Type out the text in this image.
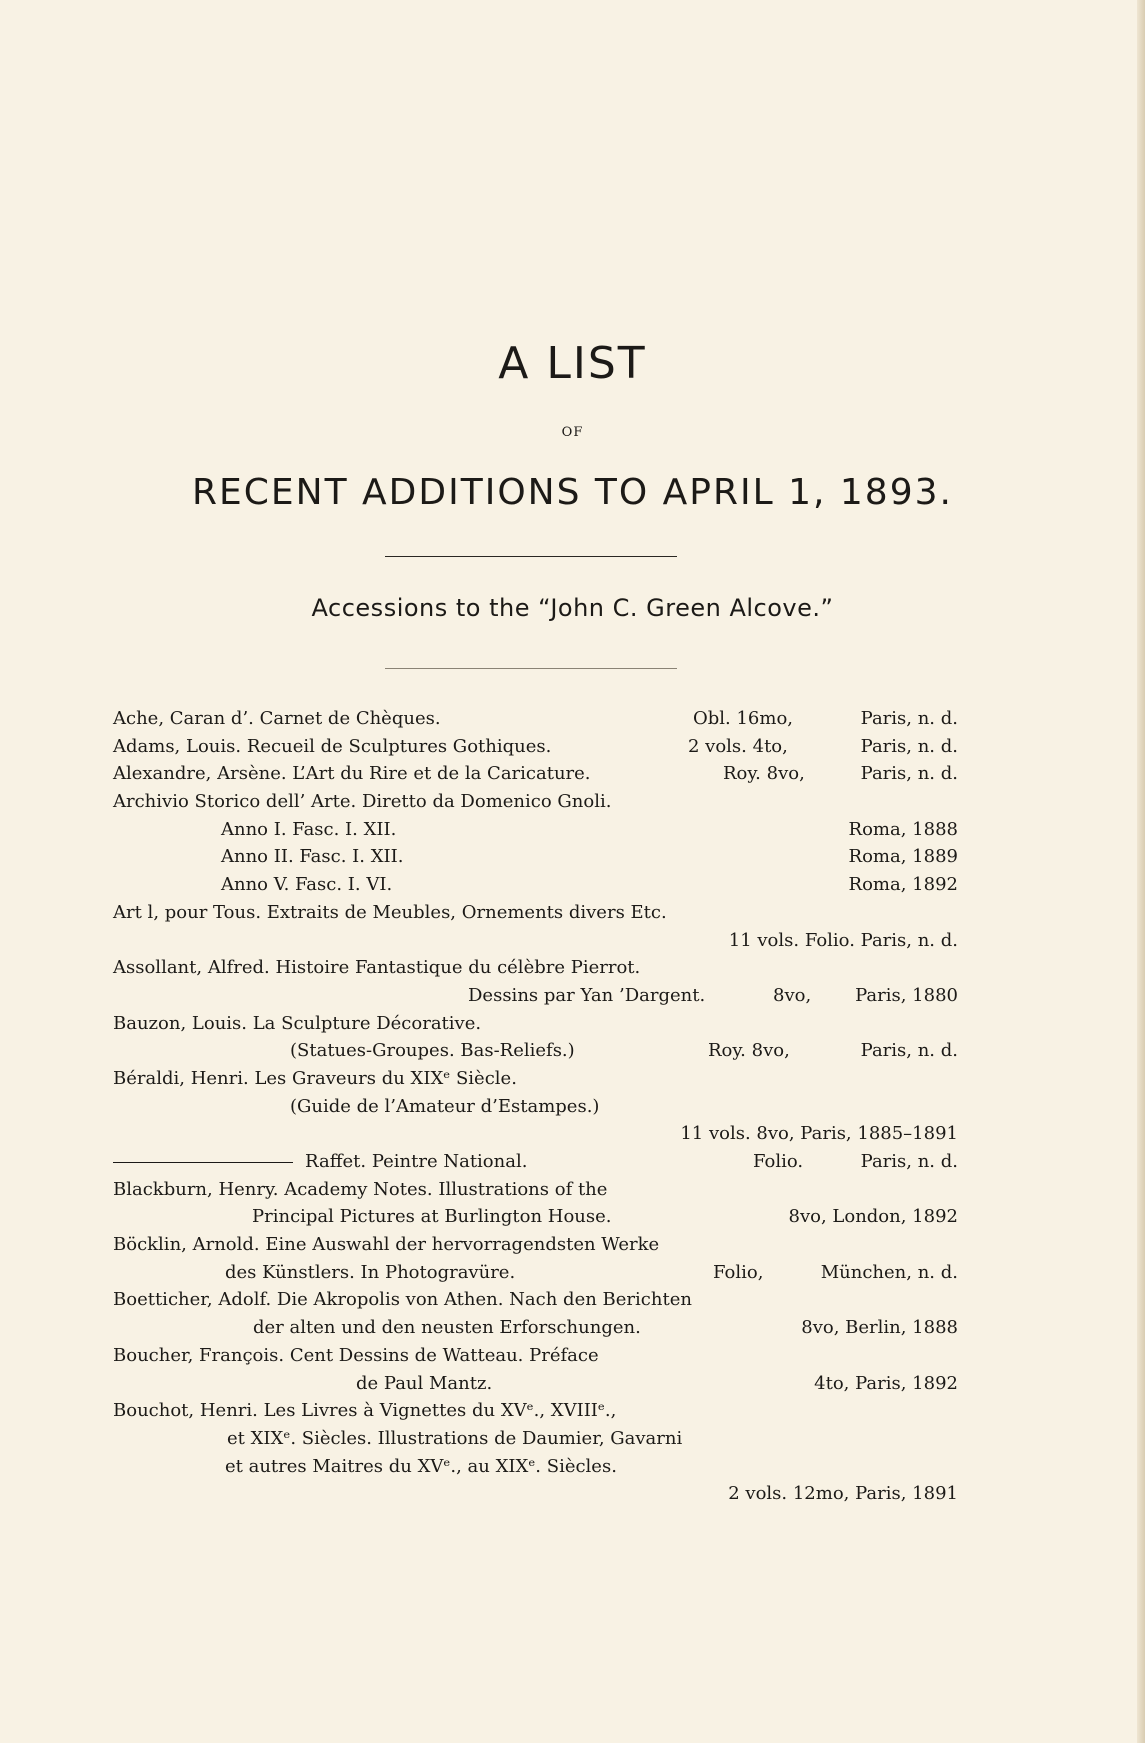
A LIST
OF
RECENT ADDITIONS TO APRIL 1, 1893.
Accessions to the “John C. Green Alcove.”
Ache, Caran d’. Carnet de Chèques.	Obl. 16mo,	Paris, n. d.
Adams, Louis. Recueil de Sculptures Gothiques.	2 vols. 4to,	Paris, n. d.
Alexandre, Arsène. L’Art du Rire et de la Caricature.	Roy. 8vo,	Paris, n. d.
Archivio Storico dell’ Arte. Diretto da Domenico Gnoli.
Anno I. Fasc. I. XII.	Roma, 1888
Anno II. Fasc. I. XII.	Roma, 1889
Anno V. Fasc. I. VI.	Roma, 1892
Art l, pour Tous. Extraits de Meubles, Ornements divers Etc.
11 vols. Folio. Paris, n. d.
Assollant, Alfred. Histoire Fantastique du célèbre Pierrot.
Dessins par Yan ’Dargent.	8vo, Paris, 1880
Bauzon, Louis. La Sculpture Décorative.
(Statues-Groupes. Bas-Reliefs.)	Roy. 8vo,	Paris, n. d.
Béraldi, Henri. Les Graveurs du XIXᵉ Siècle.
(Guide de l’Amateur d’Estampes.)
11 vols. 8vo, Paris, 1885–1891
Raffet. Peintre National.	Folio.	Paris, n. d.
Blackburn, Henry. Academy Notes. Illustrations of the
Principal Pictures at Burlington House.	8vo, London, 1892
Böcklin, Arnold. Eine Auswahl der hervorragendsten Werke
des Künstlers. In Photogravüre.	Folio,	München, n. d.
Boetticher, Adolf. Die Akropolis von Athen. Nach den Berichten
der alten und den neusten Erforschungen.	8vo, Berlin, 1888
Boucher, François. Cent Dessins de Watteau. Préface
de Paul Mantz.	4to, Paris, 1892
Bouchot, Henri. Les Livres à Vignettes du XVᵉ., XVIIIᵉ.,
et XIXᵉ. Siècles. Illustrations de Daumier, Gavarni
et autres Maitres du XVᵉ., au XIXᵉ. Siècles.
2 vols. 12mo, Paris, 1891
